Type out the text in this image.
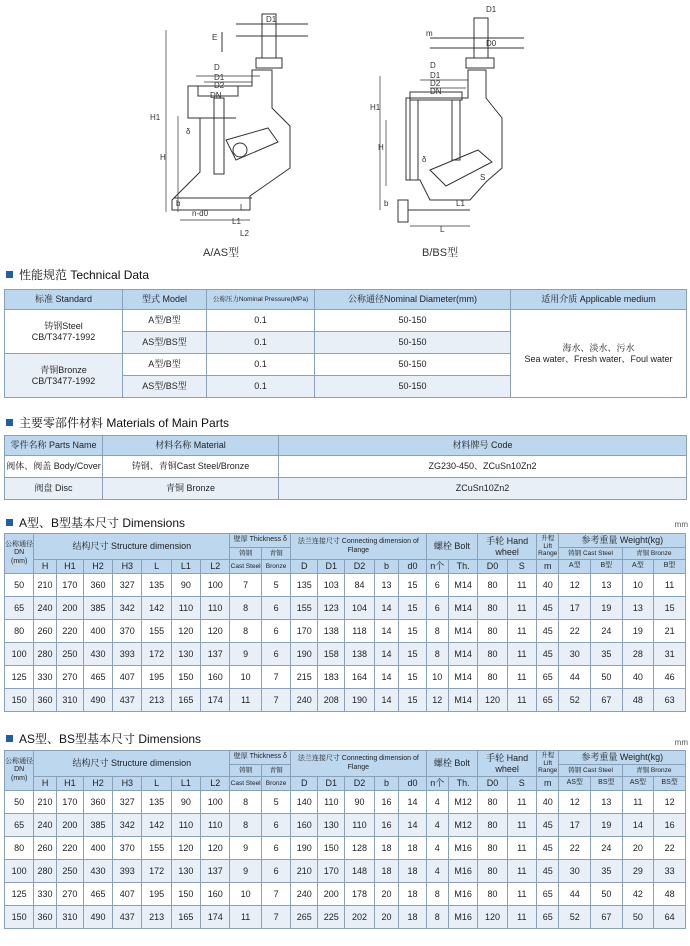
D1
E
D
D1
D2
DN
H1
H
δ
b
n-d0
L
L1
L2
D1
m
D
D1
D2
DN
H1
H
δ
b	L1
L
S
D0
A/AS型	B/BS型
性能规范 Technical Data
标准 Standard	型式 Model	公称压力Nominal Pressure(MPa)	公称通径Nominal Diameter(mm)	适用介质 Applicable medium
铸钢Steel
CB/T3477-1992	A型/B型	0.1	50-150	海水、淡水、污水
Sea water、Fresh water、Foul water
	AS型/BS型	0.1	50-150	
青铜Bronze
CB/T3477-1992	A型/B型	0.1	50-150	
	AS型/BS型	0.1	50-150	
主要零部件材料 Materials of Main Parts
零件名称 Parts Name	材料名称 Material	材料牌号 Code
阀体、阀盖 Body/Cover	铸钢、青铜Cast Steel/Bronze	ZG230-450、ZCuSn10Zn2
阀盘 Disc	青铜 Bronze	ZCuSn10Zn2
A型、B型基本尺寸 Dimensions	mm
公称通径 DN (mm)	结构尺寸 Structure dimension							壁厚 Thickness δ		法兰连接尺寸 Connecting dimension of Flange					螺栓 Bolt		手轮 Hand wheel		升程 Lift Range	参考重量 Weight(kg)			
								铸钢	青铜											铸钢 Cast Steel		青铜 Bronze	
	H	H1	H2	H3	L	L1	L2	Cast Steel	Bronze	D	D1	D2	b	d0	n个	Th.	D0	S	m	A型	B型	A型	B型
50	210	170	360	327	135	90	100	7	5	135	103	84	13	15	6	M14	80	11	40	12	13	10	11
65	240	200	385	342	142	110	110	8	6	155	123	104	14	15	6	M14	80	11	45	17	19	13	15
80	260	220	400	370	155	120	120	8	6	170	138	118	14	15	8	M14	80	11	45	22	24	19	21
100	280	250	430	393	172	130	137	9	6	190	158	138	14	15	8	M14	80	11	45	30	35	28	31
125	330	270	465	407	195	150	160	10	7	215	183	164	14	15	10	M14	80	11	65	44	50	40	46
150	360	310	490	437	213	165	174	11	7	240	208	190	14	15	12	M14	120	11	65	52	67	48	63
AS型、BS型基本尺寸 Dimensions	mm
公称通径 DN (mm)	结构尺寸 Structure dimension							壁厚 Thickness δ		法兰连接尺寸 Connecting dimension of Flange					螺栓 Bolt		手轮 Hand wheel		升程 Lift Range	参考重量 Weight(kg)			
								铸钢	青铜											铸钢 Cast Steel		青铜 Bronze	
	H	H1	H2	H3	L	L1	L2	Cast Steel	Bronze	D	D1	D2	b	d0	n个	Th.	D0	S	m	AS型	BS型	AS型	BS型
50	210	170	360	327	135	90	100	8	5	140	110	90	16	14	4	M12	80	11	40	12	13	11	12
65	240	200	385	342	142	110	110	8	6	160	130	110	16	14	4	M12	80	11	45	17	19	14	16
80	260	220	400	370	155	120	120	9	6	190	150	128	18	18	4	M16	80	11	45	22	24	20	22
100	280	250	430	393	172	130	137	9	6	210	170	148	18	18	4	M16	80	11	45	30	35	29	33
125	330	270	465	407	195	150	160	10	7	240	200	178	20	18	8	M16	80	11	65	44	50	42	48
150	360	310	490	437	213	165	174	11	7	265	225	202	20	18	8	M16	120	11	65	52	67	50	64
